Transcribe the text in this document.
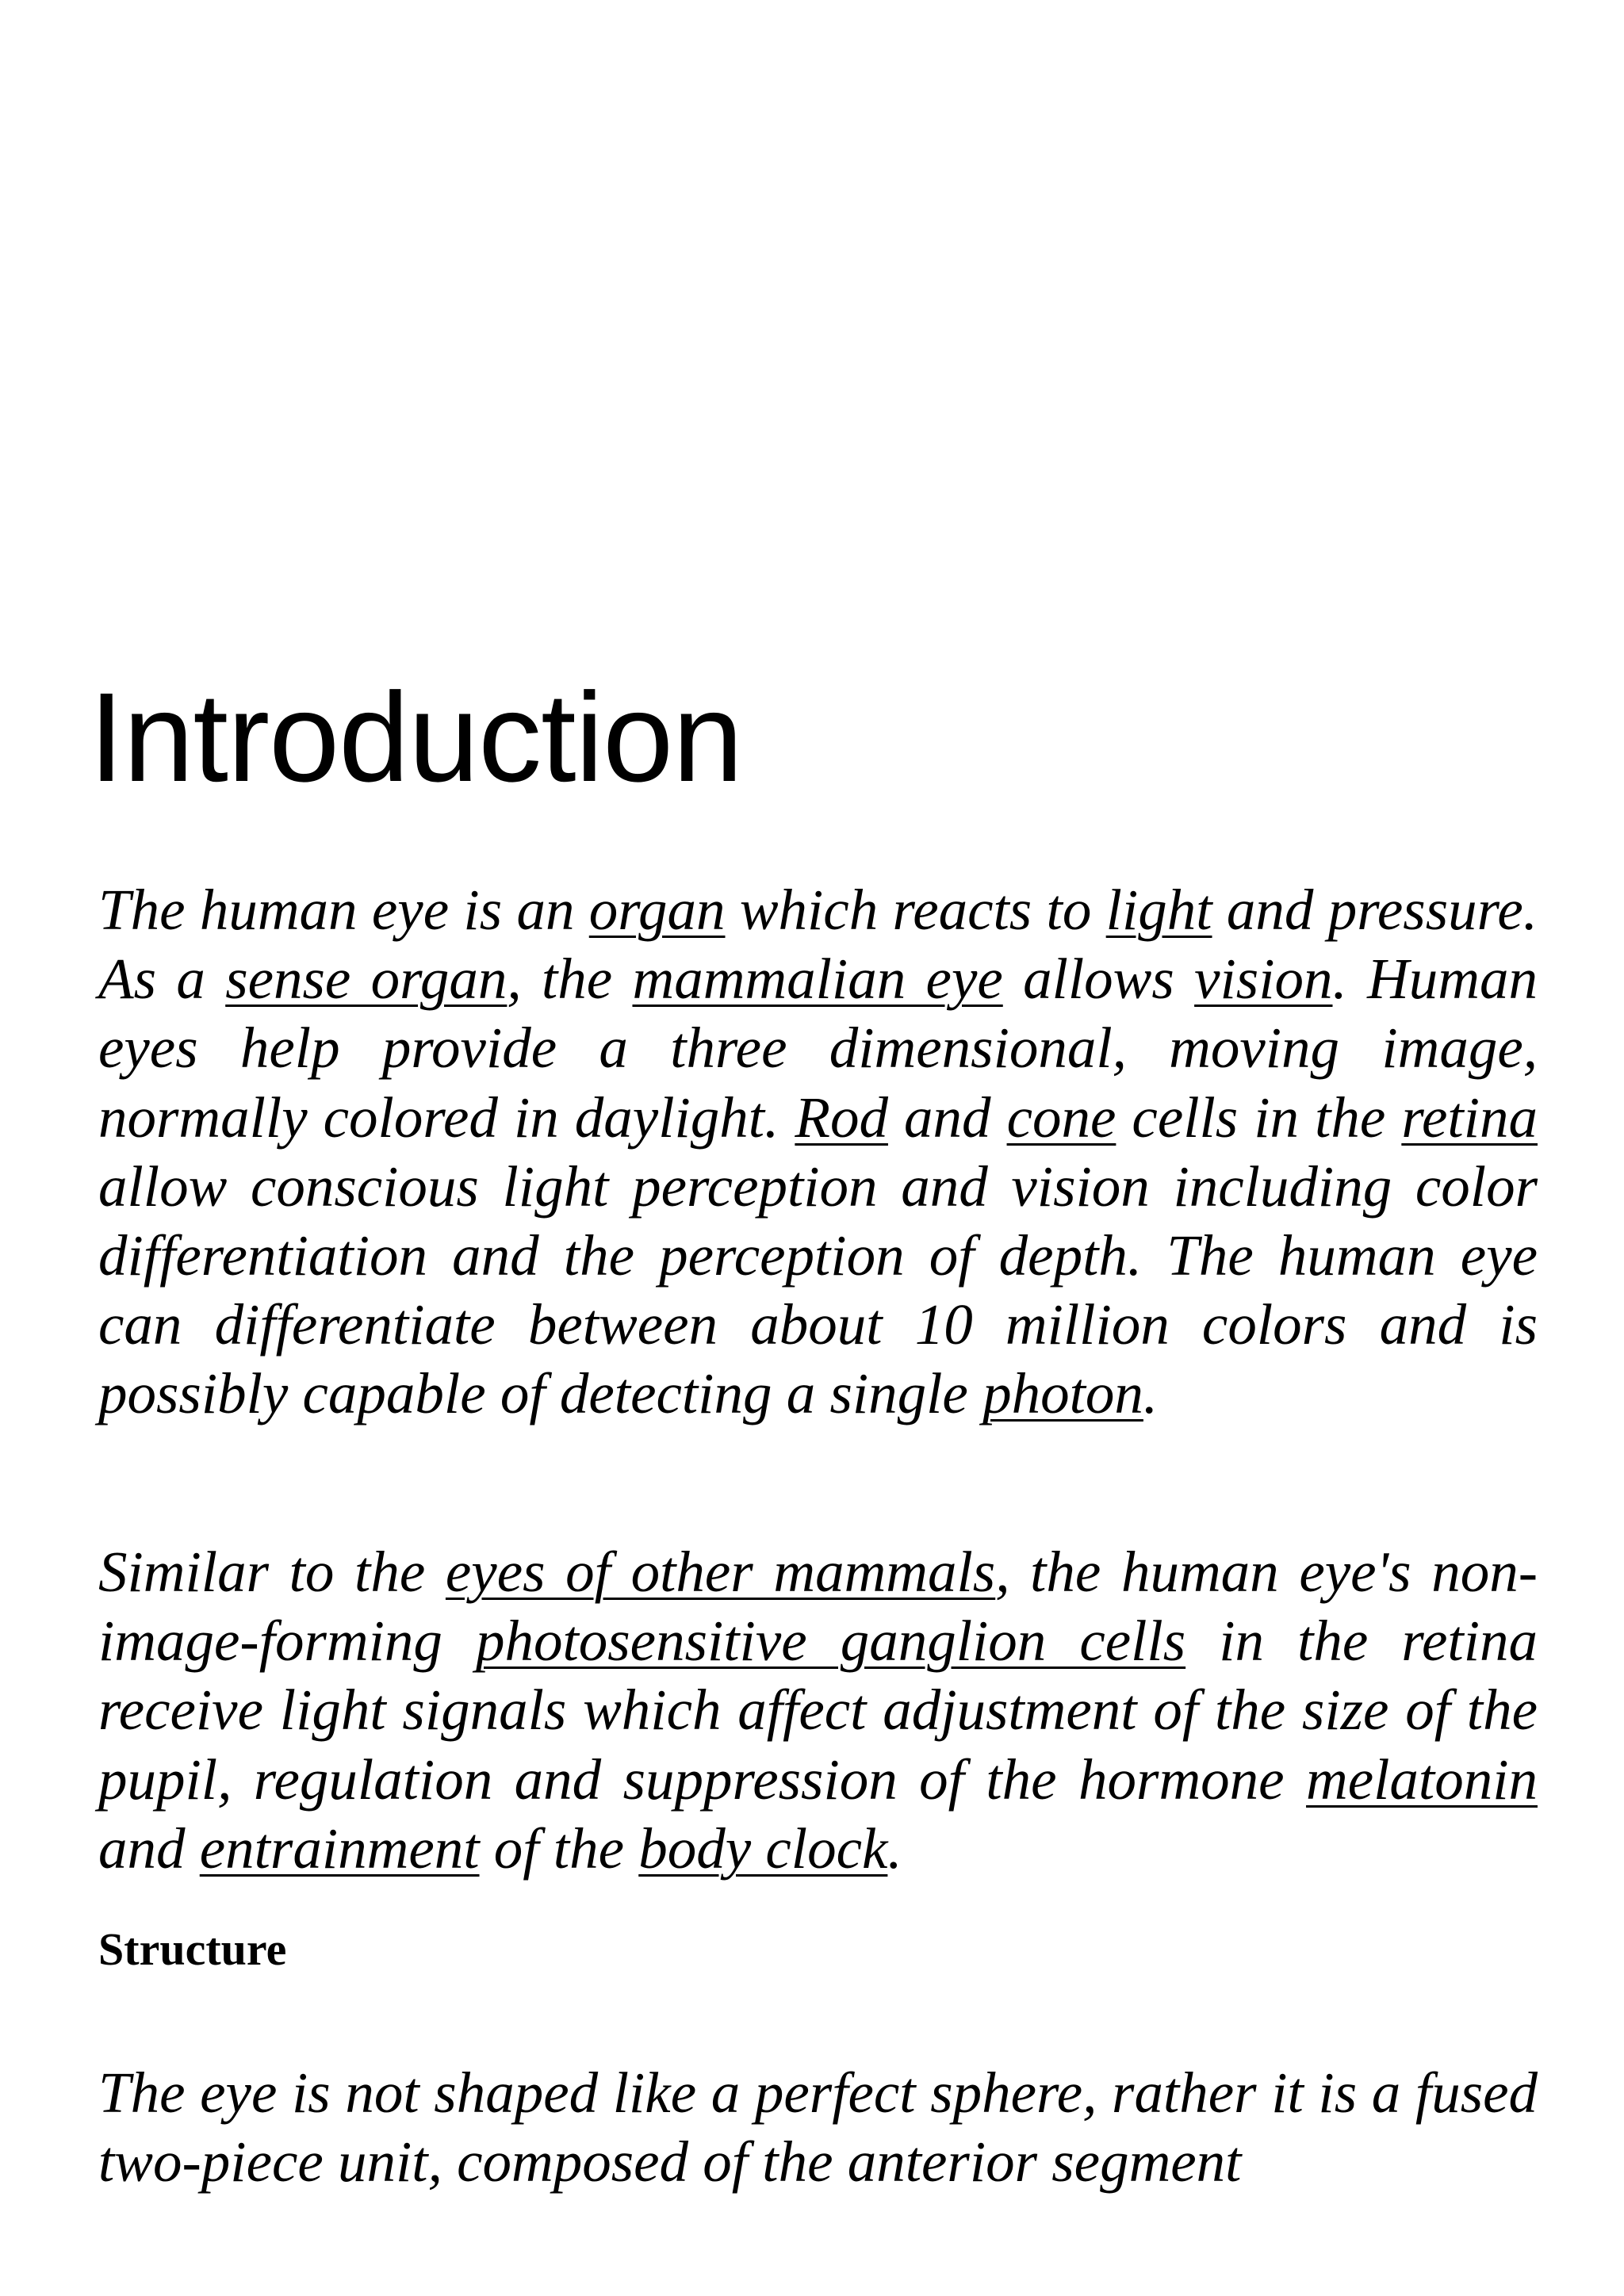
Introduction

The human eye is an organ which reacts to light and pressure. As a sense organ, the mammalian eye allows vision. Human eyes help provide a three dimensional, moving image, normally colored in daylight. Rod and cone cells in the retina allow conscious light perception and vision including color differentiation and the perception of depth. The human eye can differentiate between about 10 million colors and is possibly capable of detecting a single photon.

Similar to the eyes of other mammals, the human eye's non-image-forming photosensitive ganglion cells in the retina receive light signals which affect adjustment of the size of the pupil, regulation and suppression of the hormone melatonin and entrainment of the body clock.

Structure

The eye is not shaped like a perfect sphere, rather it is a fused two-piece unit, composed of the anterior segment
